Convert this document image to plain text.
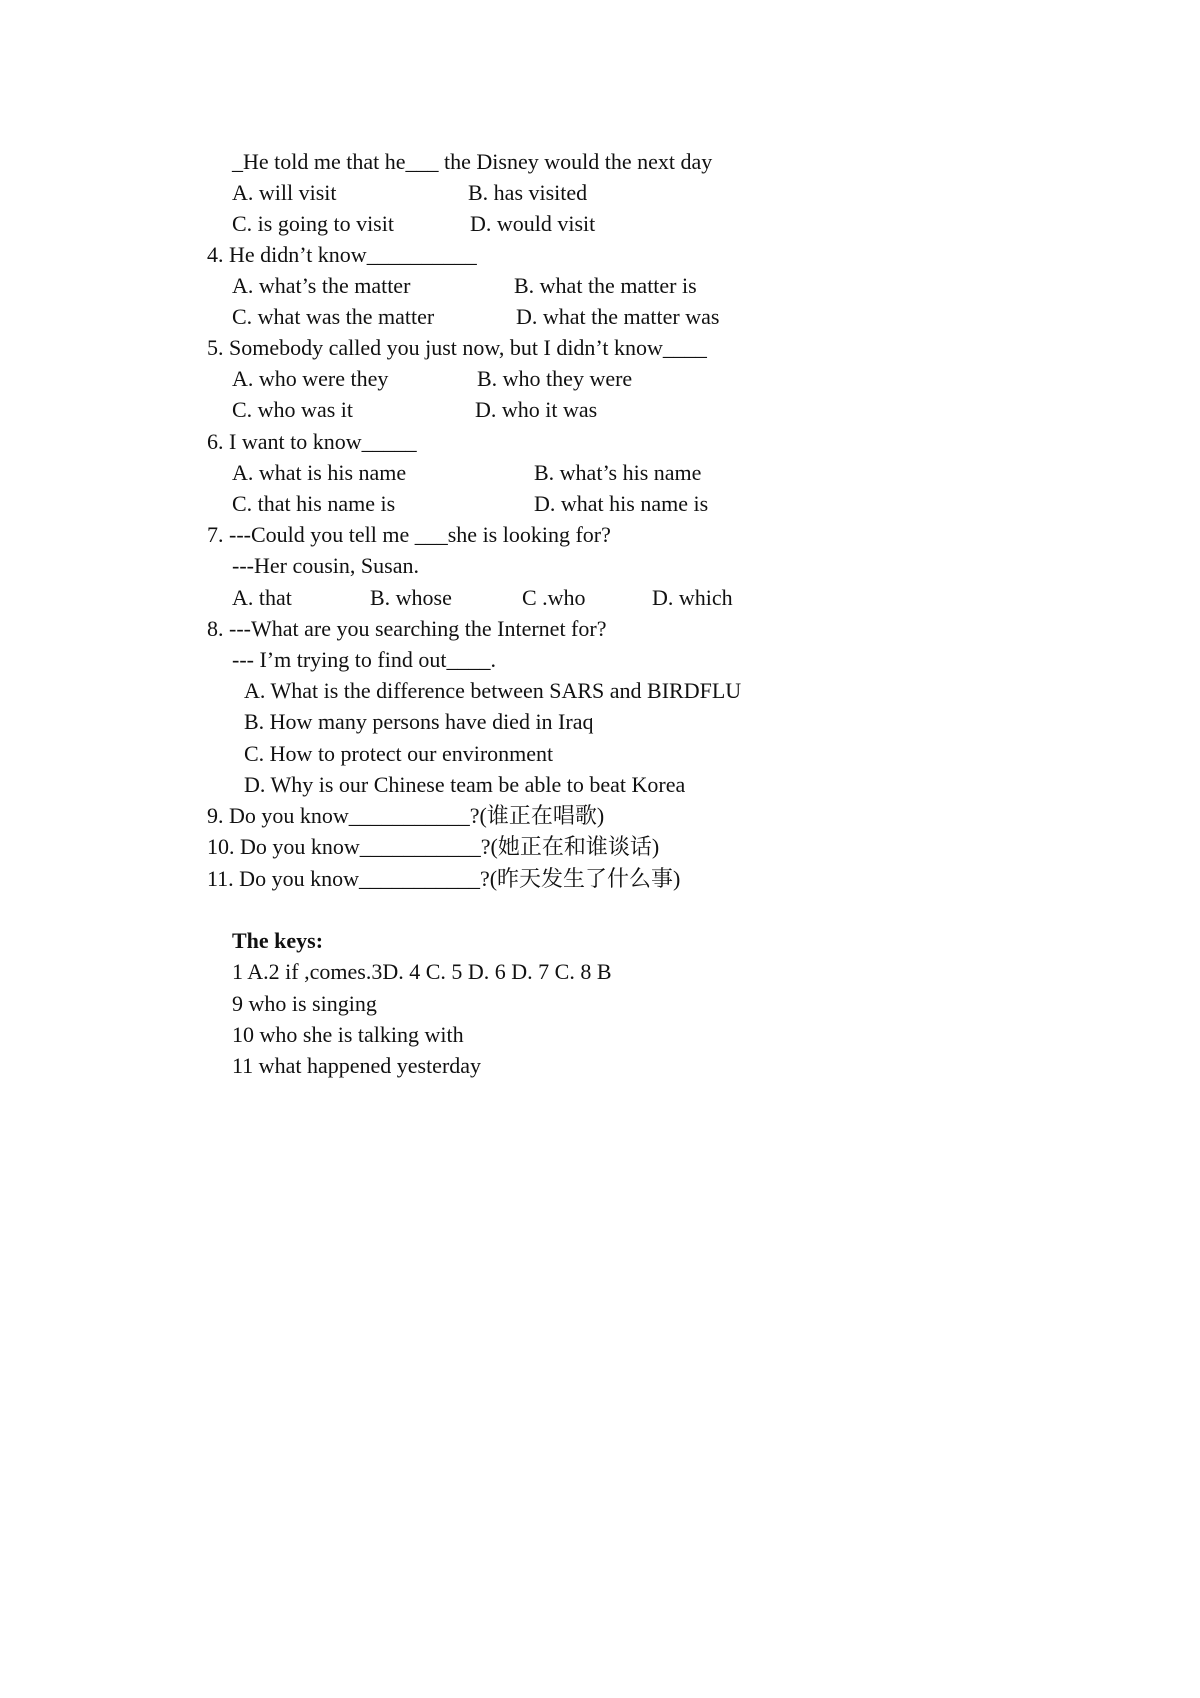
_He told me that he___ the Disney would the next day
A. will visit	B. has visited
C. is going to visit	D. would visit
4. He didn’t know__________
A. what’s the matter	B. what the matter is
C. what was the matter	D. what the matter was
5. Somebody called you just now, but I didn’t know____
A. who were they	B. who they were
C. who was it	D. who it was
6. I want to know_____
A. what is his name	B. what’s his name
C. that his name is	D. what his name is
7. ---Could you tell me ___she is looking for?
---Her cousin, Susan.
A. that	B. whose	C .who	D. which
8. ---What are you searching the Internet for?
--- I’m trying to find out____.
A. What is the difference between SARS and BIRDFLU
B. How many persons have died in Iraq
C. How to protect our environment
D. Why is our Chinese team be able to beat Korea
9. Do you know___________?(谁正在唱歌)
10. Do you know___________?(她正在和谁谈话)
11. Do you know___________?(昨天发生了什么事)
The keys:
1 A.2 if ,comes.3D. 4 C. 5 D. 6 D. 7 C. 8 B
9 who is singing
10 who she is talking with
11 what happened yesterday
